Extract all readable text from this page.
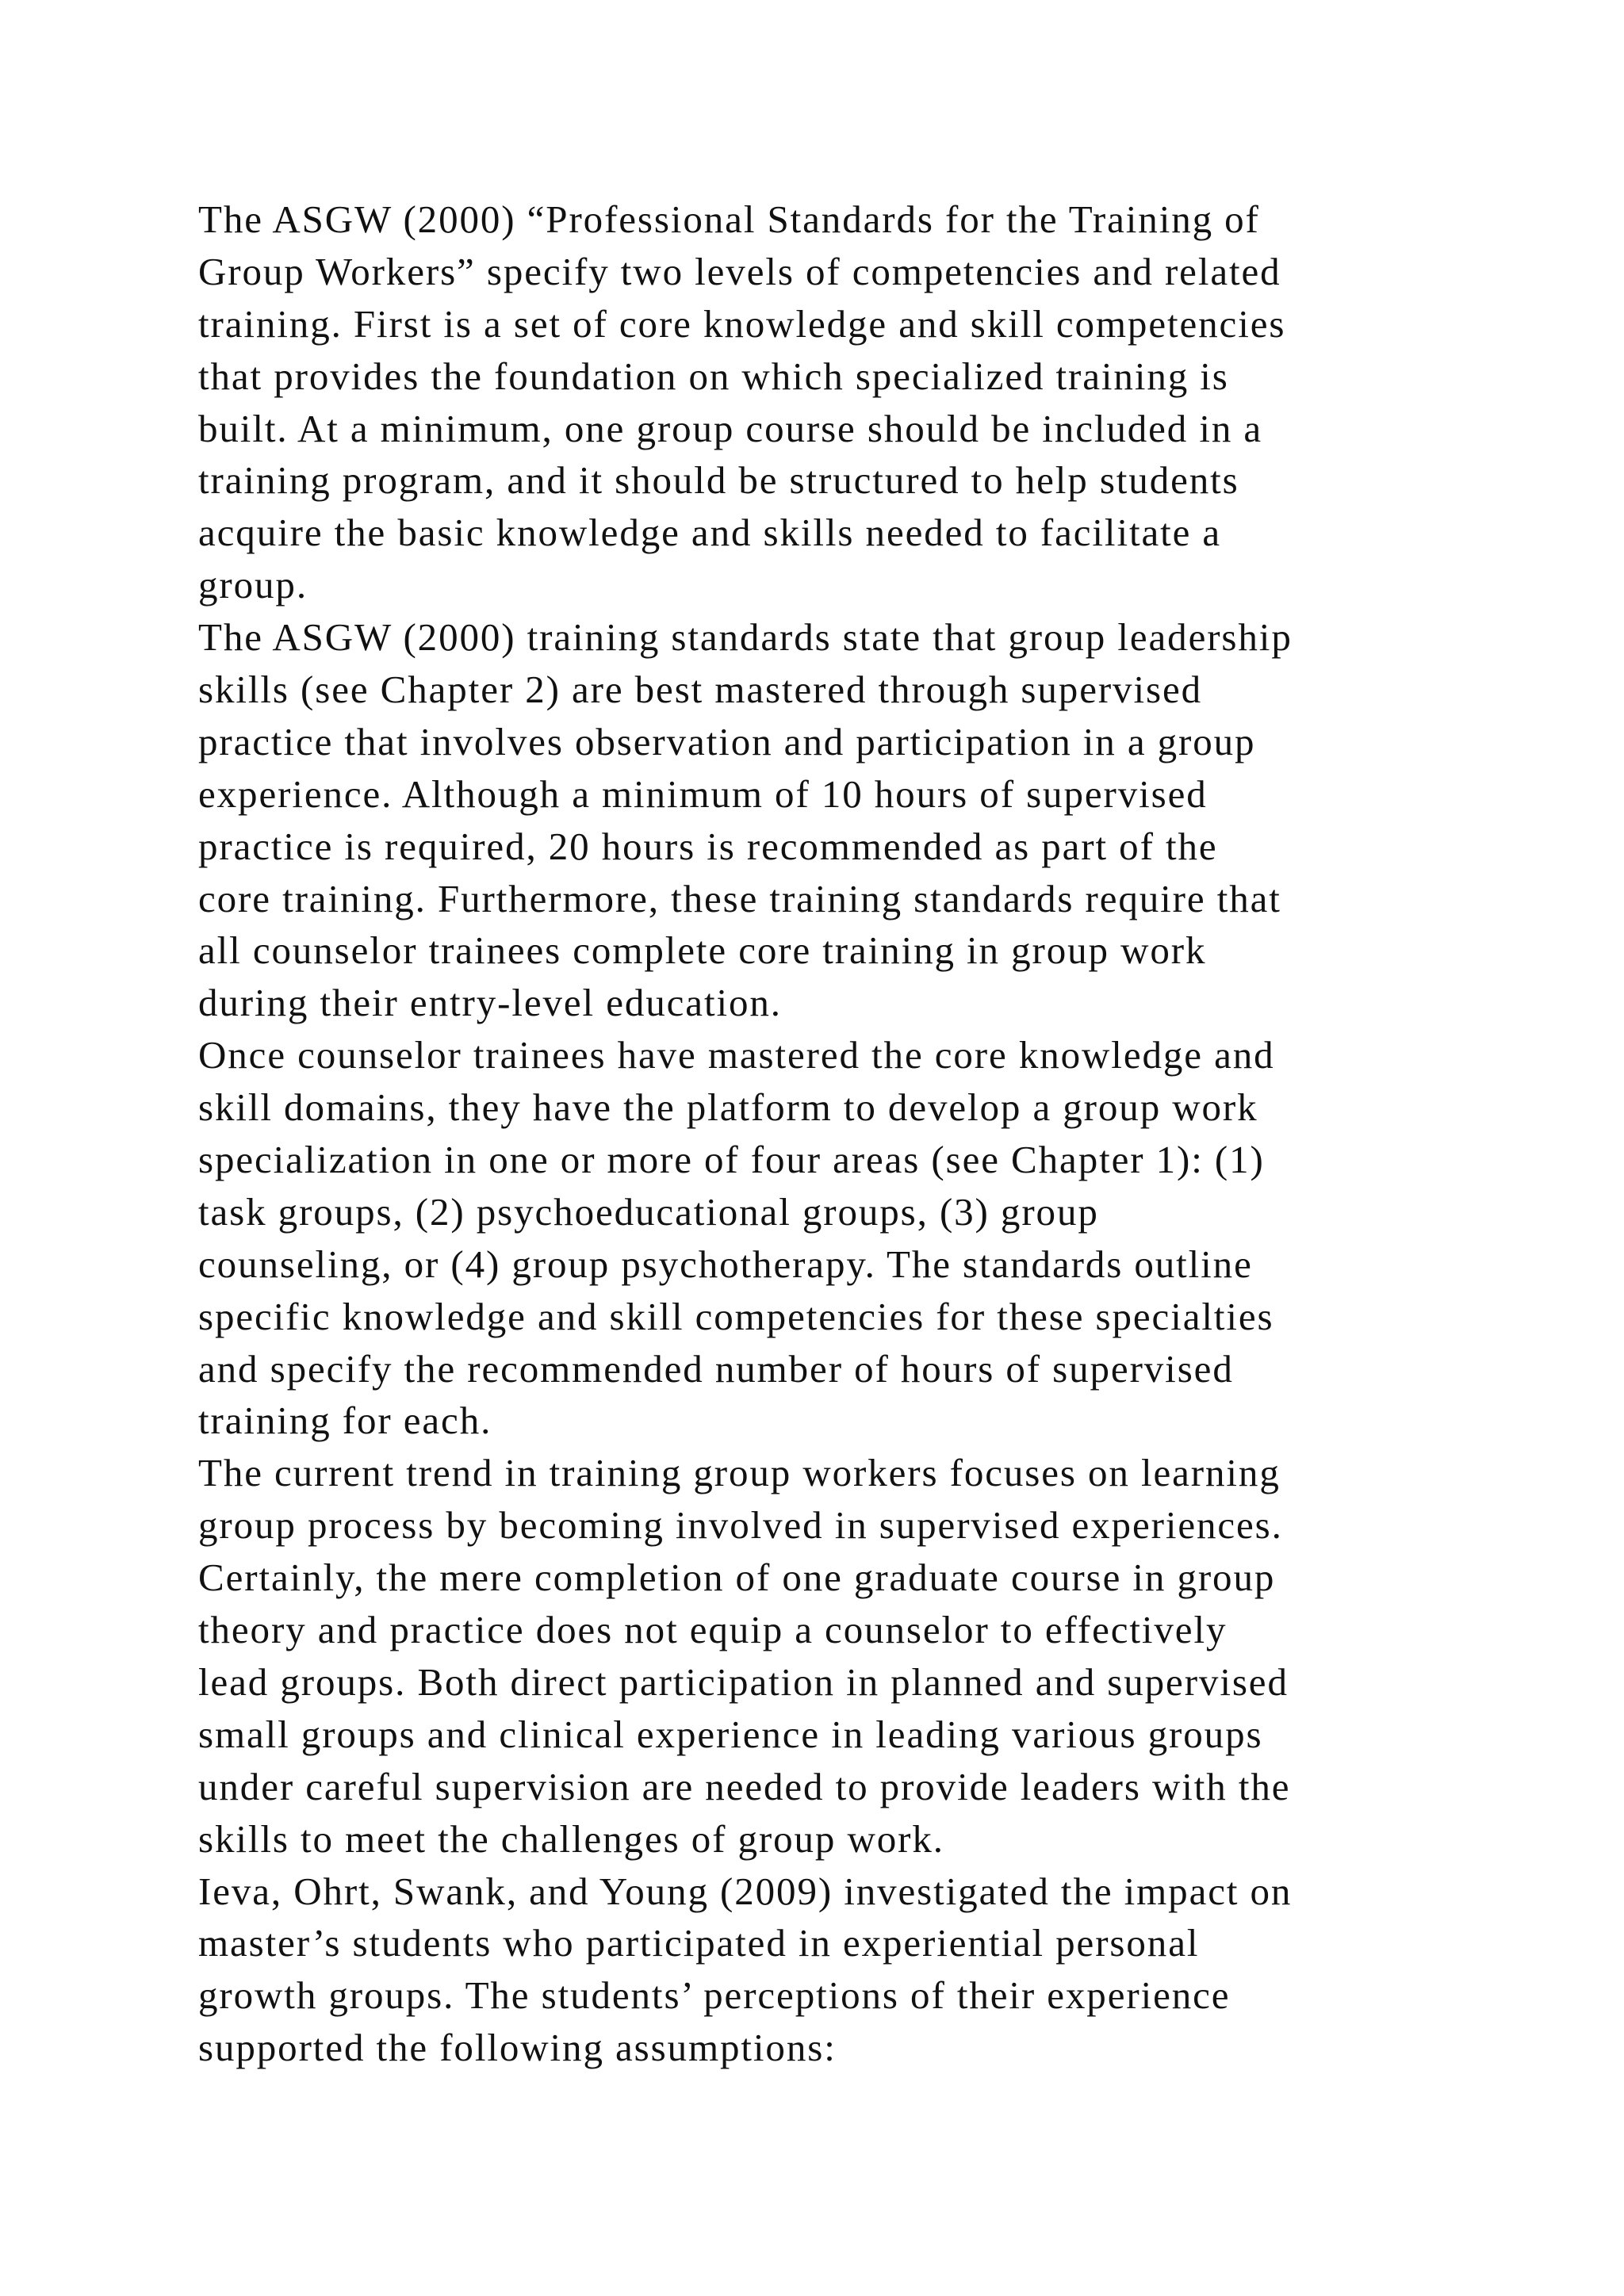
The ASGW (2000) “Professional Standards for the Training of
Group Workers” specify two levels of competencies and related
training. First is a set of core knowledge and skill competencies
that provides the foundation on which specialized training is
built. At a minimum, one group course should be included in a
training program, and it should be structured to help students
acquire the basic knowledge and skills needed to facilitate a
group.
The ASGW (2000) training standards state that group leadership
skills (see Chapter 2) are best mastered through supervised
practice that involves observation and participation in a group
experience. Although a minimum of 10 hours of supervised
practice is required, 20 hours is recommended as part of the
core training. Furthermore, these training standards require that
all counselor trainees complete core training in group work
during their entry-level education.
Once counselor trainees have mastered the core knowledge and
skill domains, they have the platform to develop a group work
specialization in one or more of four areas (see Chapter 1): (1)
task groups, (2) psychoeducational groups, (3) group
counseling, or (4) group psychotherapy. The standards outline
specific knowledge and skill competencies for these specialties
and specify the recommended number of hours of supervised
training for each.
The current trend in training group workers focuses on learning
group process by becoming involved in supervised experiences.
Certainly, the mere completion of one graduate course in group
theory and practice does not equip a counselor to effectively
lead groups. Both direct participation in planned and supervised
small groups and clinical experience in leading various groups
under careful supervision are needed to provide leaders with the
skills to meet the challenges of group work.
Ieva, Ohrt, Swank, and Young (2009) investigated the impact on
master’s students who participated in experiential personal
growth groups. The students’ perceptions of their experience
supported the following assumptions:
